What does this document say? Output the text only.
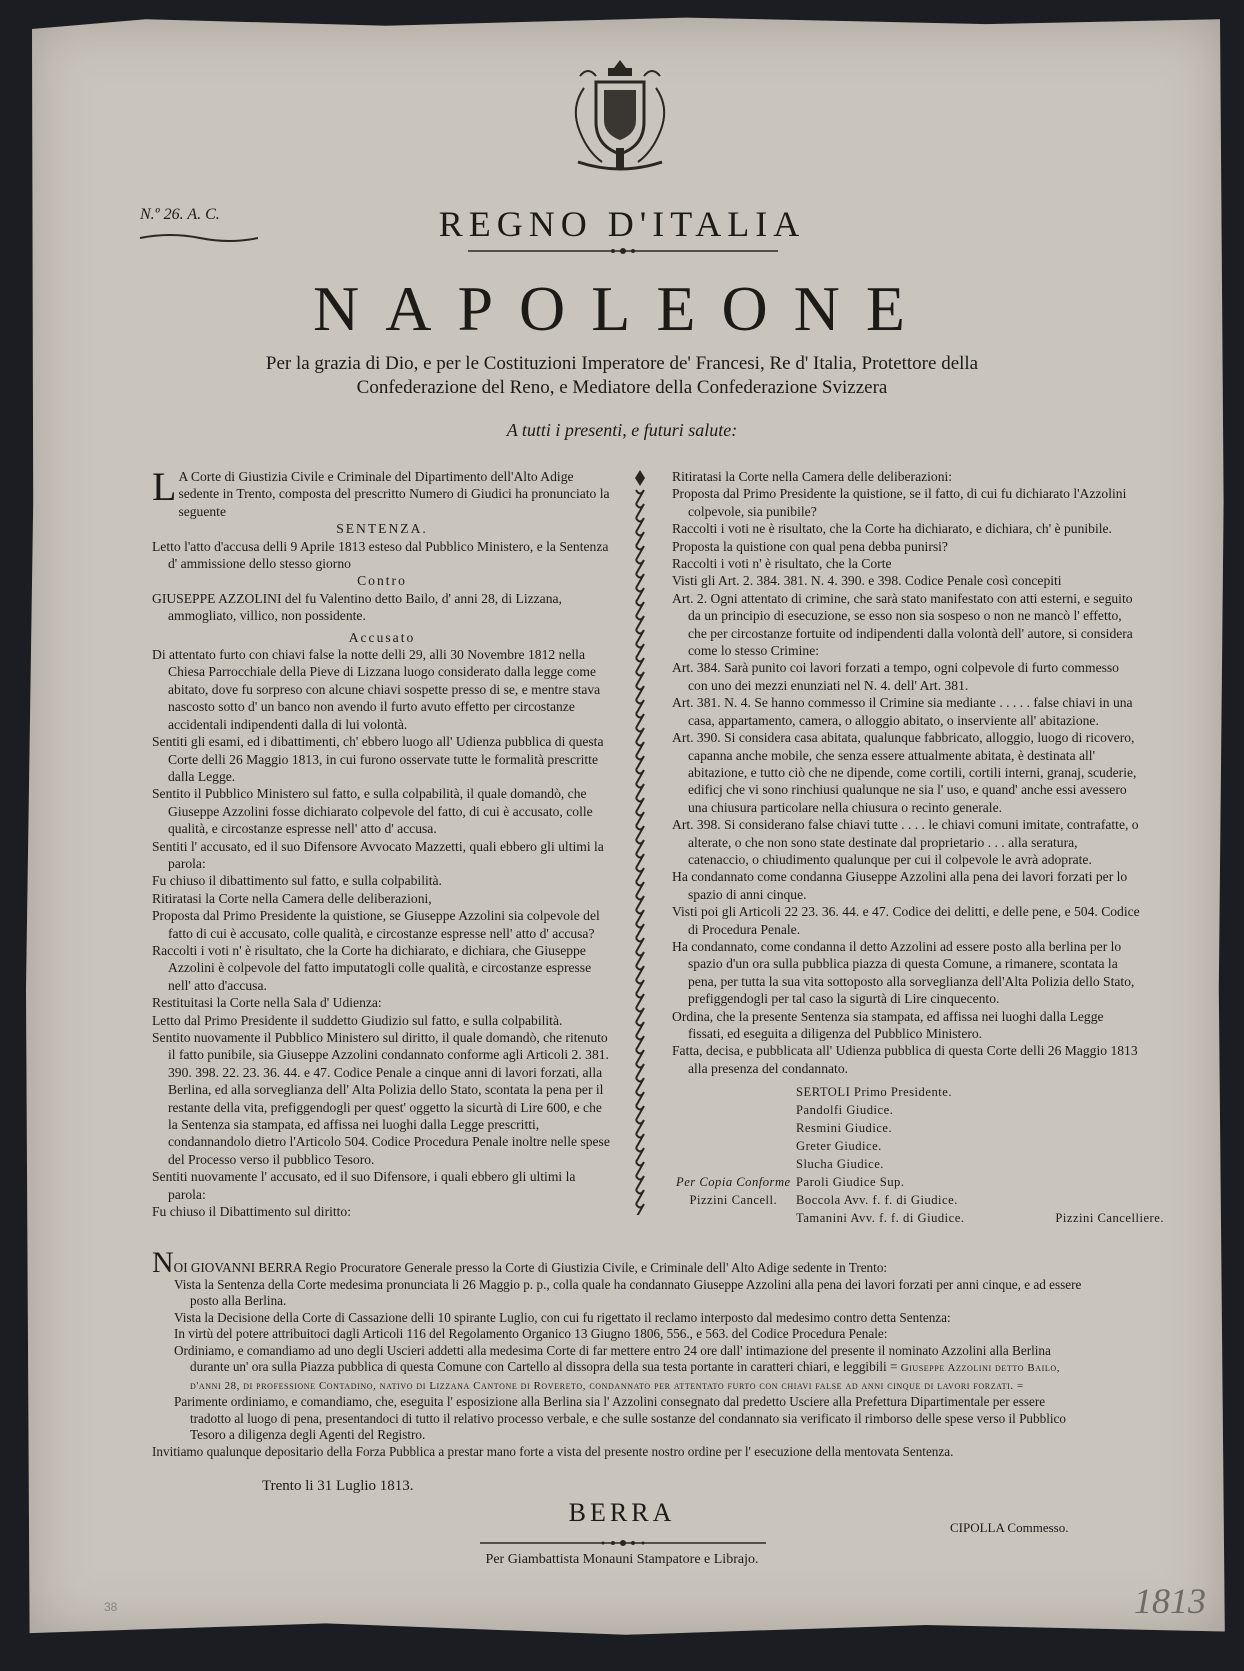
N.º 26. A. C.	REGNO D'ITALIA
NAPOLEONE
Per la grazia di Dio, e per le Costituzioni Imperatore de' Francesi, Re d' Italia, Protettore della
Confederazione del Reno, e Mediatore della Confederazione Svizzera
A tutti i presenti, e futuri salute:

L A Corte di Giustizia Civile e Criminale del Dipartimento dell'Alto Adige sedente in Trento, composta del prescritto Numero di Giudici ha pronunciato la seguente

SENTENZA.

Letto l'atto d'accusa delli 9 Aprile 1813 esteso dal Pubblico Ministero, e la Sentenza d' ammissione dello stesso giorno

Contro

GIUSEPPE AZZOLINI del fu Valentino detto Bailo, d' anni 28, di Lizzana, ammogliato, villico, non possidente.

Accusato

Di attentato furto con chiavi false la notte delli 29, alli 30 Novembre 1812 nella Chiesa Parrocchiale della Pieve di Lizzana luogo considerato dalla legge come abitato, dove fu sorpreso con alcune chiavi sospette presso di se, e mentre stava nascosto sotto d' un banco non avendo il furto avuto effetto per circostanze accidentali indipendenti dalla di lui volontà.

Sentiti gli esami, ed i dibattimenti, ch' ebbero luogo all' Udienza pubblica di questa Corte delli 26 Maggio 1813, in cui furono osservate tutte le formalità prescritte dalla Legge.

Sentito il Pubblico Ministero sul fatto, e sulla colpabilità, il quale domandò, che Giuseppe Azzolini fosse dichiarato colpevole del fatto, di cui è accusato, colle qualità, e circostanze espresse nell' atto d' accusa.

Sentiti l' accusato, ed il suo Difensore Avvocato Mazzetti, quali ebbero gli ultimi la parola:

Fu chiuso il dibattimento sul fatto, e sulla colpabilità.

Ritiratasi la Corte nella Camera delle deliberazioni,

Proposta dal Primo Presidente la quistione, se Giuseppe Azzolini sia colpevole del fatto di cui è accusato, colle qualità, e circostanze espresse nell' atto d' accusa?

Raccolti i voti n' è risultato, che la Corte ha dichiarato, e dichiara, che Giuseppe Azzolini è colpevole del fatto imputatogli colle qualità, e circostanze espresse nell' atto d'accusa.

Restituitasi la Corte nella Sala d' Udienza:

Letto dal Primo Presidente il suddetto Giudizio sul fatto, e sulla colpabilità.

Sentito nuovamente il Pubblico Ministero sul diritto, il quale domandò, che ritenuto il fatto punibile, sia Giuseppe Azzolini condannato conforme agli Articoli 2. 381. 390. 398. 22. 23. 36. 44. e 47. Codice Penale a cinque anni di lavori forzati, alla Berlina, ed alla sorveglianza dell' Alta Polizia dello Stato, scontata la pena per il restante della vita, prefiggendogli per quest' oggetto la sicurtà di Lire 600, e che la Sentenza sia stampata, ed affissa nei luoghi dalla Legge prescritti, condannandolo dietro l'Articolo 504. Codice Procedura Penale inoltre nelle spese del Processo verso il pubblico Tesoro.

Sentiti nuovamente l' accusato, ed il suo Difensore, i quali ebbero gli ultimi la parola:

Fu chiuso il Dibattimento sul diritto:

Ritiratasi la Corte nella Camera delle deliberazioni:

Proposta dal Primo Presidente la quistione, se il fatto, di cui fu dichiarato l'Azzolini colpevole, sia punibile?

Raccolti i voti ne è risultato, che la Corte ha dichiarato, e dichiara, ch' è punibile.

Proposta la quistione con qual pena debba punirsi?

Raccolti i voti n' è risultato, che la Corte

Visti gli Art. 2. 384. 381. N. 4. 390. e 398. Codice Penale così concepiti

Art. 2. Ogni attentato di crimine, che sarà stato manifestato con atti esterni, e seguito da un principio di esecuzione, se esso non sia sospeso o non ne mancò l' effetto, che per circostanze fortuite od indipendenti dalla volontà dell' autore, si considera come lo stesso Crimine:

Art. 384. Sarà punito coi lavori forzati a tempo, ogni colpevole di furto commesso con uno dei mezzi enunziati nel N. 4. dell' Art. 381.

Art. 381. N. 4. Se hanno commesso il Crimine sia mediante . . . . . false chiavi in una casa, appartamento, camera, o alloggio abitato, o inserviente all' abitazione.

Art. 390. Si considera casa abitata, qualunque fabbricato, alloggio, luogo di ricovero, capanna anche mobile, che senza essere attualmente abitata, è destinata all' abitazione, e tutto ciò che ne dipende, come cortili, cortili interni, granaj, scuderie, edificj che vi sono rinchiusi qualunque ne sia l' uso, e quand' anche essi avessero una chiusura particolare nella chiusura o recinto generale.

Art. 398. Si considerano false chiavi tutte . . . . le chiavi comuni imitate, contrafatte, o alterate, o che non sono state destinate dal proprietario . . . alla seratura, catenaccio, o chiudimento qualunque per cui il colpevole le avrà adoprate.

Ha condannato come condanna Giuseppe Azzolini alla pena dei lavori forzati per lo spazio di anni cinque.

Visti poi gli Articoli 22 23. 36. 44. e 47. Codice dei delitti, e delle pene, e 504. Codice di Procedura Penale.

Ha condannato, come condanna il detto Azzolini ad essere posto alla berlina per lo spazio d'un ora sulla pubblica piazza di questa Comune, a rimanere, scontata la pena, per tutta la sua vita sottoposto alla sorveglianza dell'Alta Polizia dello Stato, prefiggendogli per tal caso la sigurtà di Lire cinquecento.

Ordina, che la presente Sentenza sia stampata, ed affissa nei luoghi dalla Legge fissati, ed eseguita a diligenza del Pubblico Ministero.

Fatta, decisa, e pubblicata all' Udienza pubblica di questa Corte delli 26 Maggio 1813 alla presenza del condannato.

SERTOLI Primo Presidente.
Pandolfi Giudice.
Resmini Giudice.
Greter Giudice.
Slucha Giudice.
Paroli Giudice Sup.
Boccola Avv. f. f. di Giudice.
Tamanini Avv. f. f. di Giudice.
Per Copia Conforme
Pizzini Cancell.
Pizzini Cancelliere.

NOI GIOVANNI BERRA Regio Procuratore Generale presso la Corte di Giustizia Civile, e Criminale dell' Alto Adige sedente in Trento:

Vista la Sentenza della Corte medesima pronunciata li 26 Maggio p. p., colla quale ha condannato Giuseppe Azzolini alla pena dei lavori forzati per anni cinque, e ad essere posto alla Berlina.

Vista la Decisione della Corte di Cassazione delli 10 spirante Luglio, con cui fu rigettato il reclamo interposto dal medesimo contro detta Sentenza:

In virtù del potere attribuitoci dagli Articoli 116 del Regolamento Organico 13 Giugno 1806, 556., e 563. del Codice Procedura Penale:

Ordiniamo, e comandiamo ad uno degli Uscieri addetti alla medesima Corte di far mettere entro 24 ore dall' intimazione del presente il nominato Azzolini alla Berlina durante un' ora sulla Piazza pubblica di questa Comune con Cartello al dissopra della sua testa portante in caratteri chiari, e leggibili = Giuseppe Azzolini detto Bailo, d'anni 28, di professione Contadino, nativo di Lizzana Cantone di Rovereto, condannato per attentato furto con chiavi false ad anni cinque di lavori forzati. =

Parimente ordiniamo, e comandiamo, che, eseguita l' esposizione alla Berlina sia l' Azzolini consegnato dal predetto Usciere alla Prefettura Dipartimentale per essere tradotto al luogo di pena, presentandoci di tutto il relativo processo verbale, e che sulle sostanze del condannato sia verificato il rimborso delle spese verso il Pubblico Tesoro a diligenza degli Agenti del Registro.

Invitiamo qualunque depositario della Forza Pubblica a prestar mano forte a vista del presente nostro ordine per l' esecuzione della mentovata Sentenza.

Trento li 31 Luglio 1813.
BERRA
CIPOLLA Commesso.
Per Giambattista Monauni Stampatore e Librajo.
1813
38
